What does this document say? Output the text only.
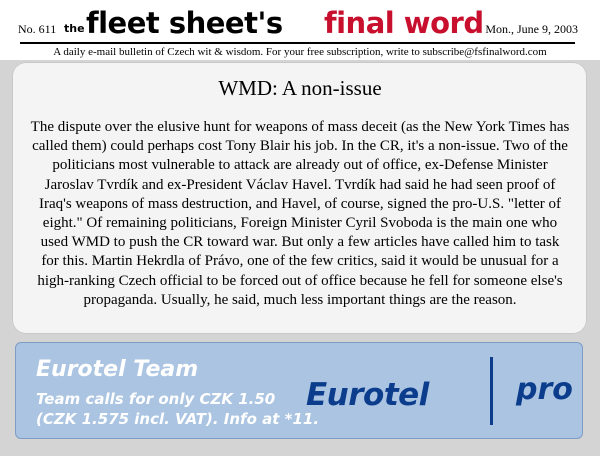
No. 611 the fleet sheet's final word Mon., June 9, 2003
A daily e-mail bulletin of Czech wit & wisdom. For your free subscription, write to subscribe@fsfinalword.com
WMD: A non-issue
The dispute over the elusive hunt for weapons of mass deceit (as the New York Times has called them) could perhaps cost Tony Blair his job. In the CR, it's a non-issue. Two of the politicians most vulnerable to attack are already out of office, ex-Defense Minister Jaroslav Tvrdík and ex-President Václav Havel. Tvrdík had said he had seen proof of Iraq's weapons of mass destruction, and Havel, of course, signed the pro-U.S. "letter of eight." Of remaining politicians, Foreign Minister Cyril Svoboda is the main one who used WMD to push the CR toward war. But only a few articles have called him to task for this. Martin Hekrdla of Právo, one of the few critics, said it would be unusual for a high-ranking Czech official to be forced out of office because he fell for someone else's propaganda. Usually, he said, much less important things are the reason.
Eurotel Team
Team calls for only CZK 1.50
(CZK 1.575 incl. VAT). Info at *11.
Eurotel	pro
